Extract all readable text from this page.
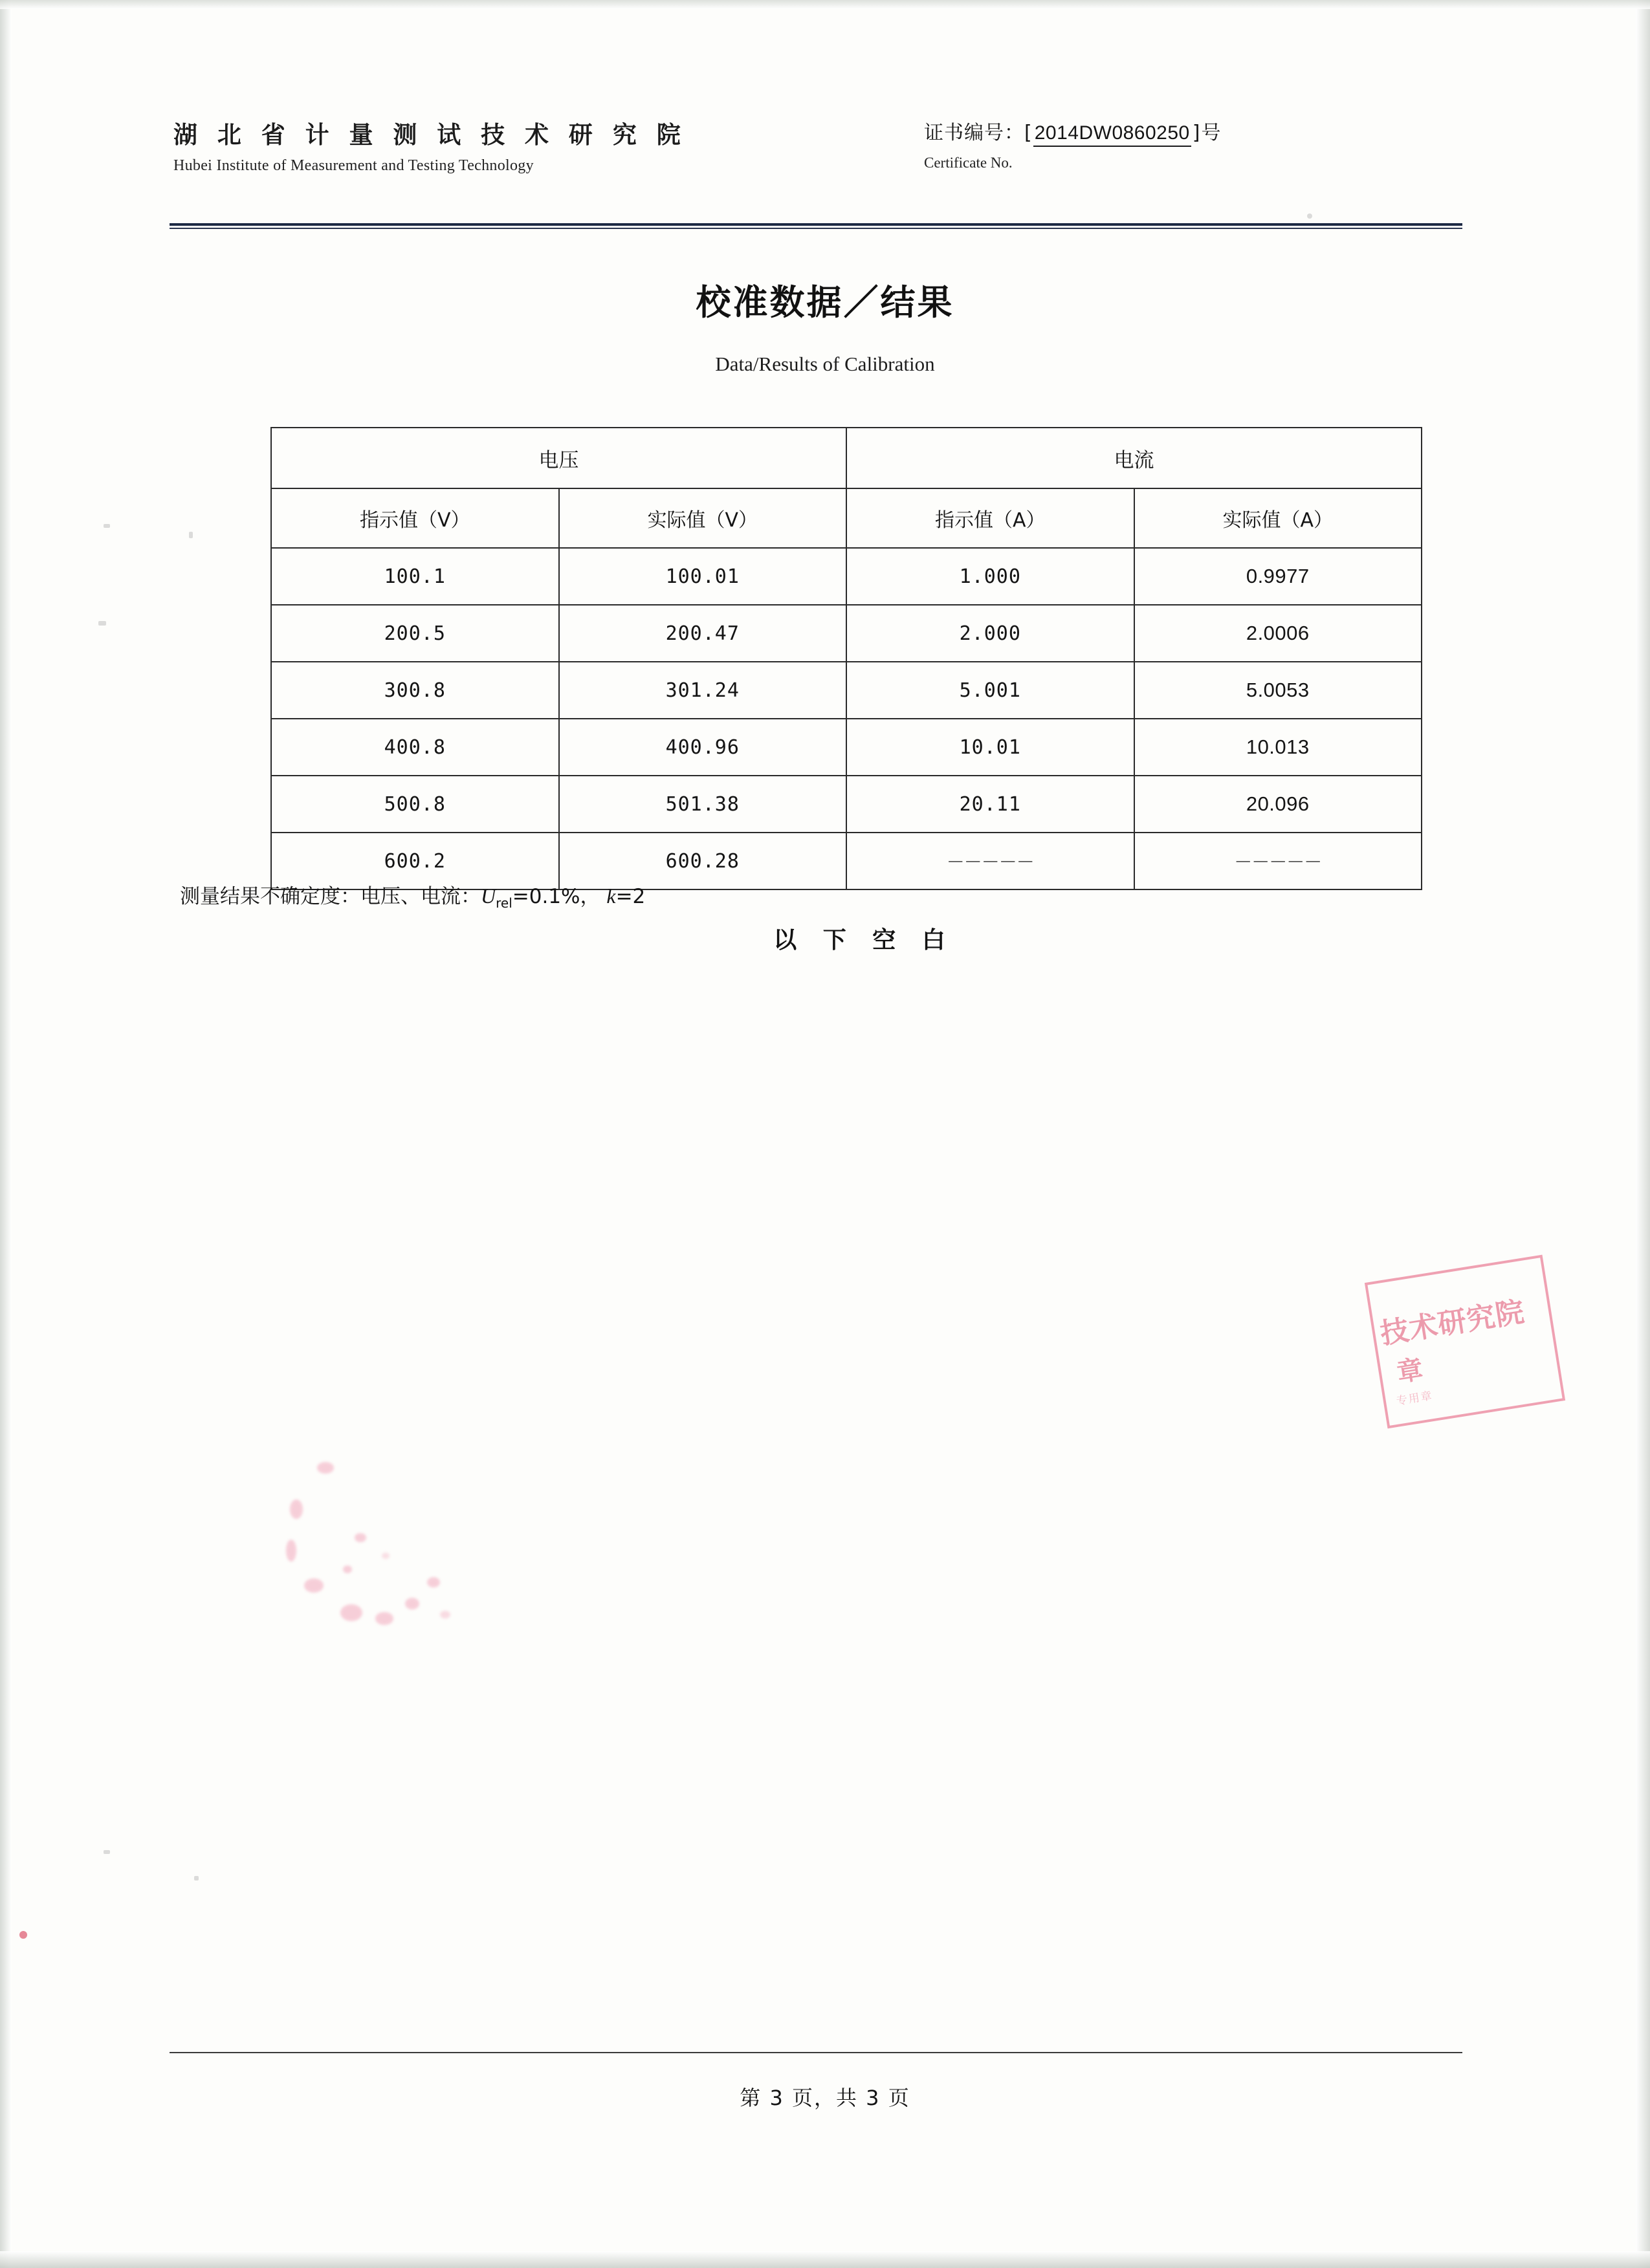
湖 北 省 计 量 测 试 技 术 研 究 院
Hubei Institute of Measurement and Testing Technology
证书编号： [ 2014DW0860250 ] 号
Certificate No.
校准数据／结果
Data/Results of Calibration
电压		电流	
指示值（V）	实际值（V）	指示值（A）	实际值（A）
100.1	100.01	1.000	0.9977
200.5	200.47	2.000	2.0006
300.8	301.24	5.001	5.0053
400.8	400.96	10.01	10.013
500.8	501.38	20.11	20.096
600.2	600.28	－－－－－	－－－－－
测量结果不确定度：电压、电流：$U_{rel}=0.1\%$， k=2
以 下 空 白
技术研究院
章
专用章
第 3 页，共 3 页
